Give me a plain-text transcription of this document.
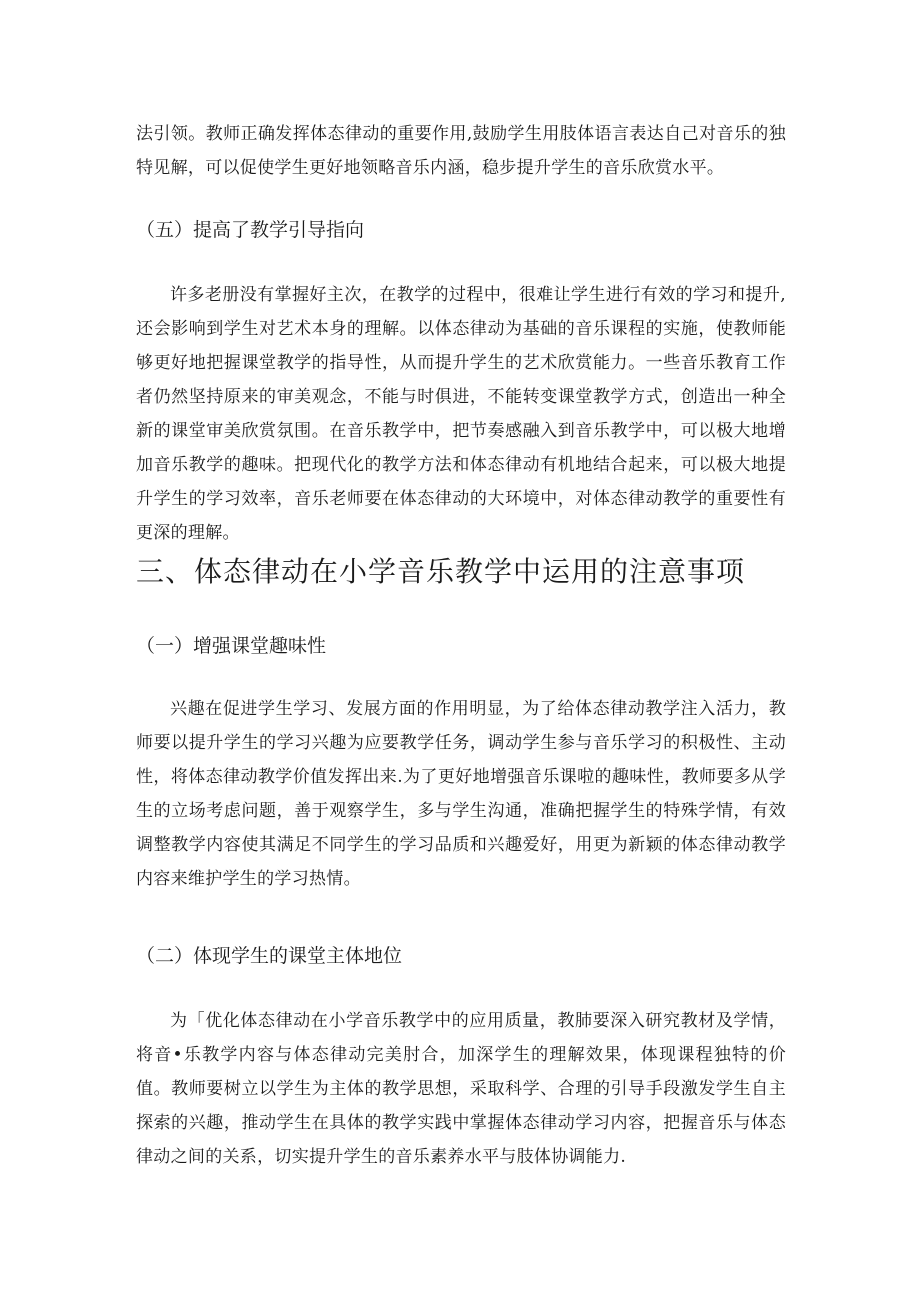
法引领。教师正确发挥体态律动的重要作用,鼓励学生用肢体语言表达自己对音乐的独特见解，可以促使学生更好地领略音乐内涵，稳步提升学生的音乐欣赏水平。

（五）提高了教学引导指向

许多老册没有掌握好主次，在教学的过程中，很难让学生进行有效的学习和提升,还会影响到学生对艺术本身的理解。以体态律动为基础的音乐课程的实施，使教师能够更好地把握课堂教学的指导性，从而提升学生的艺术欣赏能力。一些音乐教育工作者仍然坚持原来的审美观念，不能与时俱进，不能转变课堂教学方式，创造出一种全新的课堂审美欣赏氛围。在音乐教学中，把节奏感融入到音乐教学中，可以极大地增加音乐教学的趣味。把现代化的教学方法和体态律动有机地结合起来，可以极大地提升学生的学习效率，音乐老师要在体态律动的大环境中，对体态律动教学的重要性有更深的理解。

三、体态律动在小学音乐教学中运用的注意事项
（一）增强课堂趣味性

兴趣在促进学生学习、发展方面的作用明显，为了给体态律动教学注入活力，教师要以提升学生的学习兴趣为应要教学任务，调动学生参与音乐学习的积极性、主动性，将体态律动教学价值发挥出来.为了更好地增强音乐课啦的趣味性，教师要多从学生的立场考虑问题，善于观察学生，多与学生沟通，准确把握学生的特殊学情，有效调整教学内容使其满足不同学生的学习品质和兴趣爱好，用更为新颖的体态律动教学内容来维护学生的学习热情。

（二）体现学生的课堂主体地位

为「优化体态律动在小学音乐教学中的应用质量，教肺要深入研究教材及学情，将音•乐教学内容与体态律动完美肘合，加深学生的理解效果，体现课程独特的价值。教师要树立以学生为主体的教学思想，采取科学、合理的引导手段激发学生自主探索的兴趣，推动学生在具体的教学实践中掌握体态律动学习内容，把握音乐与体态律动之间的关系，切实提升学生的音乐素养水平与肢体协调能力.
